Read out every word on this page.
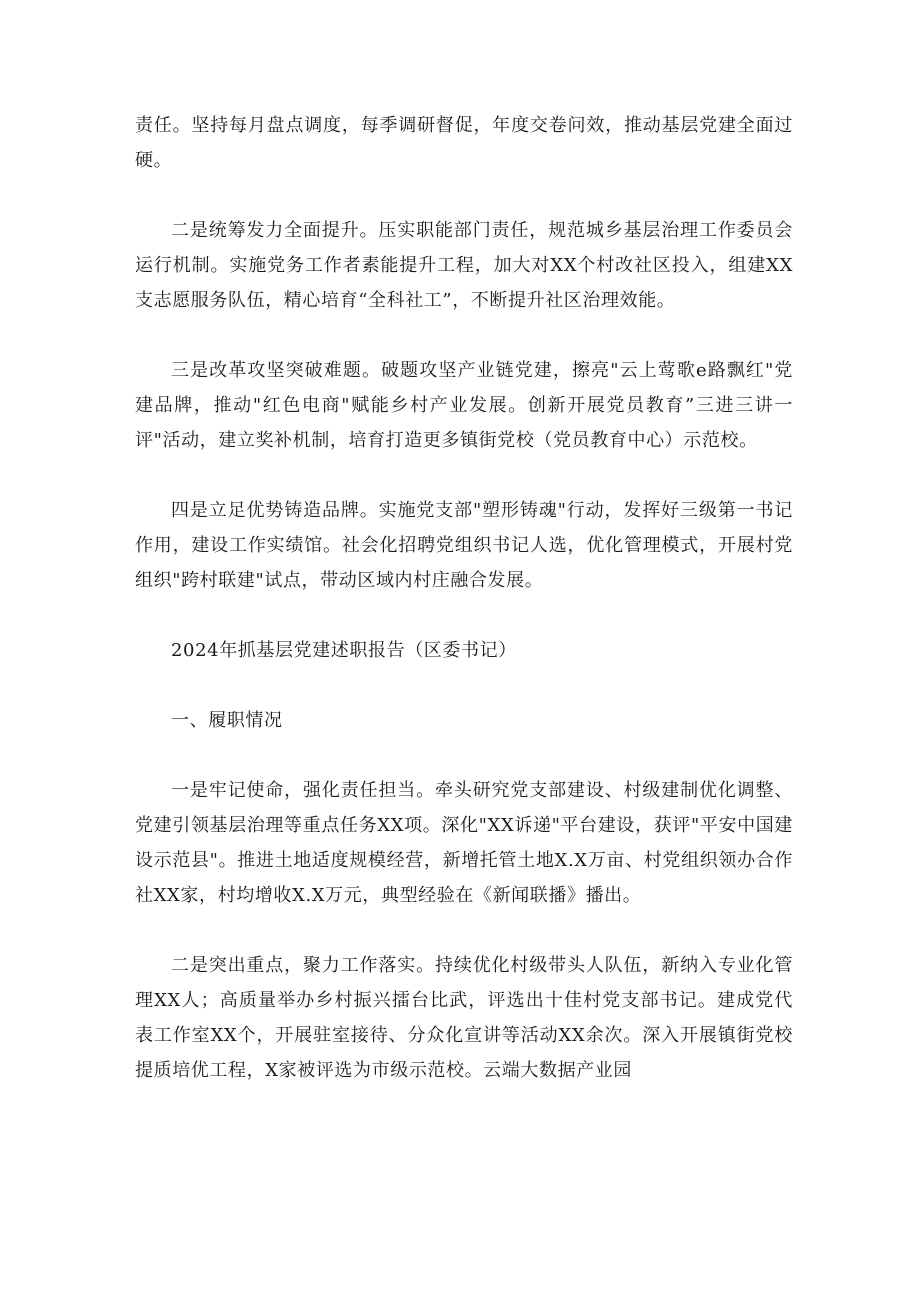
责任。坚持每月盘点调度，每季调研督促，年度交卷问效，推动基层党建全面过硬。

二是统筹发力全面提升。压实职能部门责任，规范城乡基层治理工作委员会运行机制。实施党务工作者素能提升工程，加大对XX个村改社区投入，组建XX支志愿服务队伍，精心培育“全科社工”，不断提升社区治理效能。

三是改革攻坚突破难题。破题攻坚产业链党建，擦亮"云上莺歌e路飘红"党建品牌，推动"红色电商"赋能乡村产业发展。创新开展党员教育”三进三讲一评"活动，建立奖补机制，培育打造更多镇街党校（党员教育中心）示范校。

四是立足优势铸造品牌。实施党支部"塑形铸魂"行动，发挥好三级第一书记作用，建设工作实绩馆。社会化招聘党组织书记人选，优化管理模式，开展村党组织"跨村联建"试点，带动区域内村庄融合发展。

2024年抓基层党建述职报告（区委书记）

一、履职情况

一是牢记使命，强化责任担当。牵头研究党支部建设、村级建制优化调整、党建引领基层治理等重点任务XX项。深化"XX诉递"平台建设，获评"平安中国建设示范县"。推进土地适度规模经营，新增托管土地X.X万亩、村党组织领办合作社XX家，村均增收X.X万元，典型经验在《新闻联播》播出。

二是突出重点，聚力工作落实。持续优化村级带头人队伍，新纳入专业化管理XX人；高质量举办乡村振兴擂台比武，评选出十佳村党支部书记。建成党代表工作室XX个，开展驻室接待、分众化宣讲等活动XX余次。深入开展镇街党校提质培优工程，X家被评选为市级示范校。云端大数据产业园
